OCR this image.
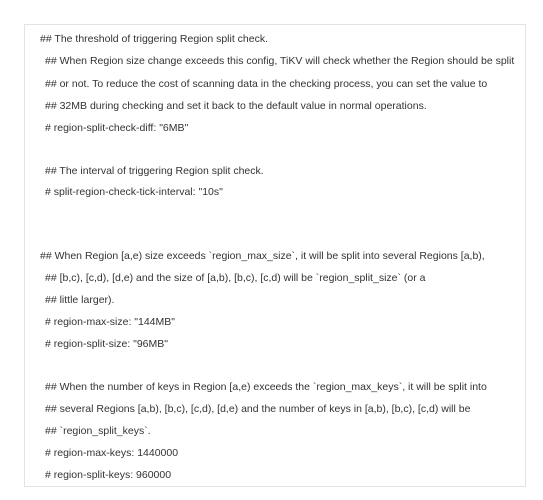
## The threshold of triggering Region split check.
## When Region size change exceeds this config, TiKV will check whether the Region should be split
## or not. To reduce the cost of scanning data in the checking process, you can set the value to
## 32MB during checking and set it back to the default value in normal operations.
# region-split-check-diff: "6MB"
## The interval of triggering Region split check.
# split-region-check-tick-interval: "10s"
## When Region [a,e) size exceeds `region_max_size`, it will be split into several Regions [a,b),
## [b,c), [c,d), [d,e) and the size of [a,b), [b,c), [c,d) will be `region_split_size` (or a
## little larger).
# region-max-size: "144MB"
# region-split-size: "96MB"
## When the number of keys in Region [a,e) exceeds the `region_max_keys`, it will be split into
## several Regions [a,b), [b,c), [c,d), [d,e) and the number of keys in [a,b), [b,c), [c,d) will be
## `region_split_keys`.
# region-max-keys: 1440000
# region-split-keys: 960000
